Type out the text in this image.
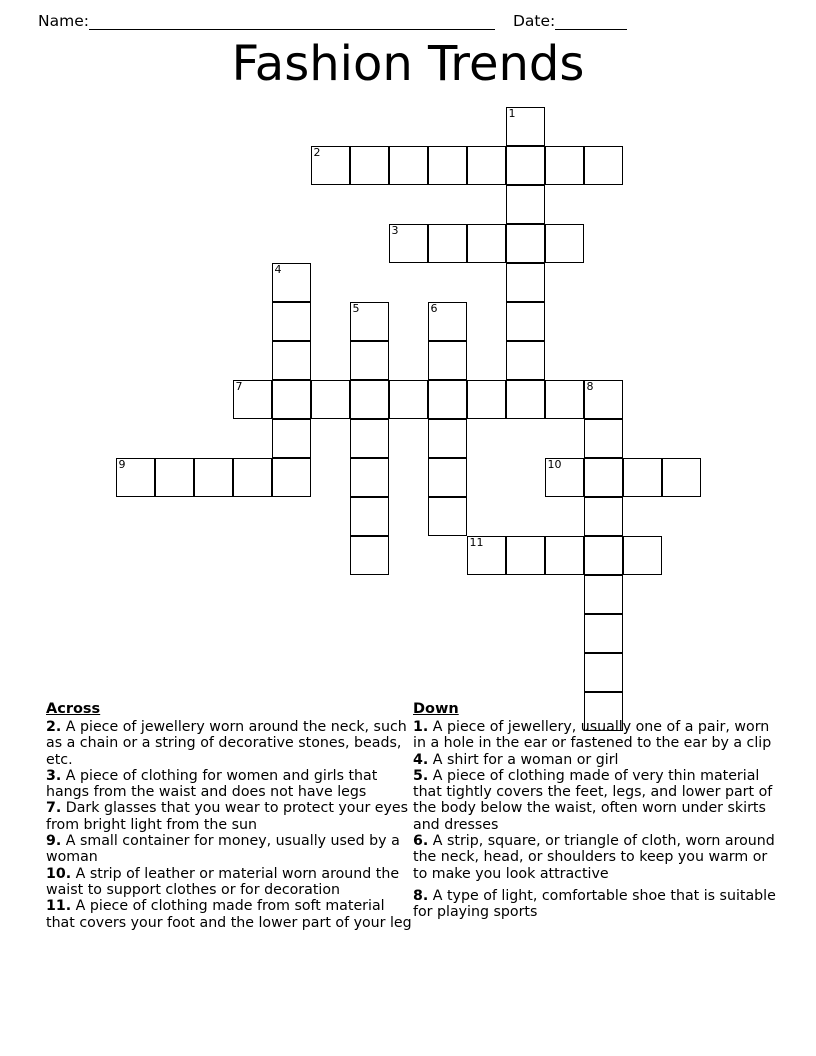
Name:	Date:
Fashion Trends
1
2
3
4
5	6
7	8
9	10
11
Across
2. A piece of jewellery worn around the neck, such as a chain or a string of decorative stones, beads, etc.
3. A piece of clothing for women and girls that hangs from the waist and does not have legs
7. Dark glasses that you wear to protect your eyes from bright light from the sun
9. A small container for money, usually used by a woman
10. A strip of leather or material worn around the waist to support clothes or for decoration
11. A piece of clothing made from soft material that covers your foot and the lower part of your leg
Down
1. A piece of jewellery, usually one of a pair, worn in a hole in the ear or fastened to the ear by a clip
4. A shirt for a woman or girl
5. A piece of clothing made of very thin material that tightly covers the feet, legs, and lower part of the body below the waist, often worn under skirts and dresses
6. A strip, square, or triangle of cloth, worn around the neck, head, or shoulders to keep you warm or to make you look attractive
8. A type of light, comfortable shoe that is suitable for playing sports
